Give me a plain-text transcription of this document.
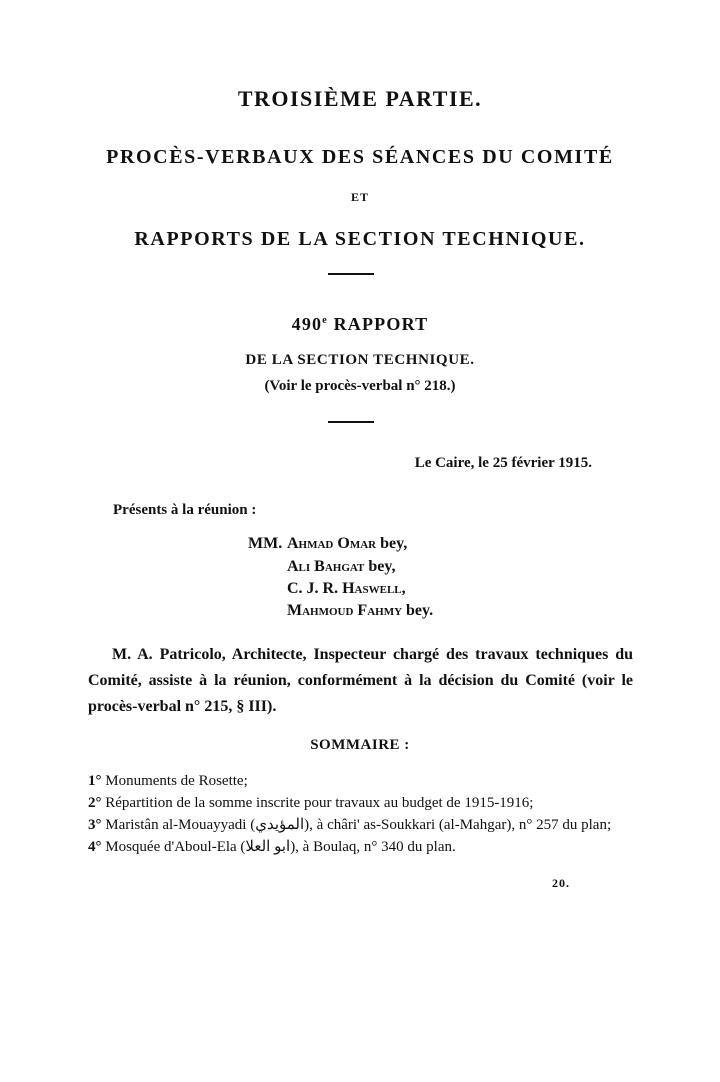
TROISIÈME PARTIE.
PROCÈS-VERBAUX DES SÉANCES DU COMITÉ
ET
RAPPORTS DE LA SECTION TECHNIQUE.
490e RAPPORT
DE LA SECTION TECHNIQUE.
(Voir le procès-verbal n° 218.)
Le Caire, le 25 février 1915.
Présents à la réunion :
MM. Ahmad Omar bey,
Ali Bahgat bey,
C. J. R. Haswell,
Mahmoud Fahmy bey.

M. A. Patricolo, Architecte, Inspecteur chargé des travaux techniques du Comité, assiste à la réunion, conformément à la décision du Comité (voir le procès-verbal n° 215, § III).

SOMMAIRE :
1° Monuments de Rosette;
2° Répartition de la somme inscrite pour travaux au budget de 1915-1916;
3° Maristân al-Mouayyadi (المؤيدي), à châri' as-Soukkari (al-Mahgar), n° 257 du plan;
4° Mosquée d'Aboul-Ela (ابو العلا), à Boulaq, n° 340 du plan.
20.
